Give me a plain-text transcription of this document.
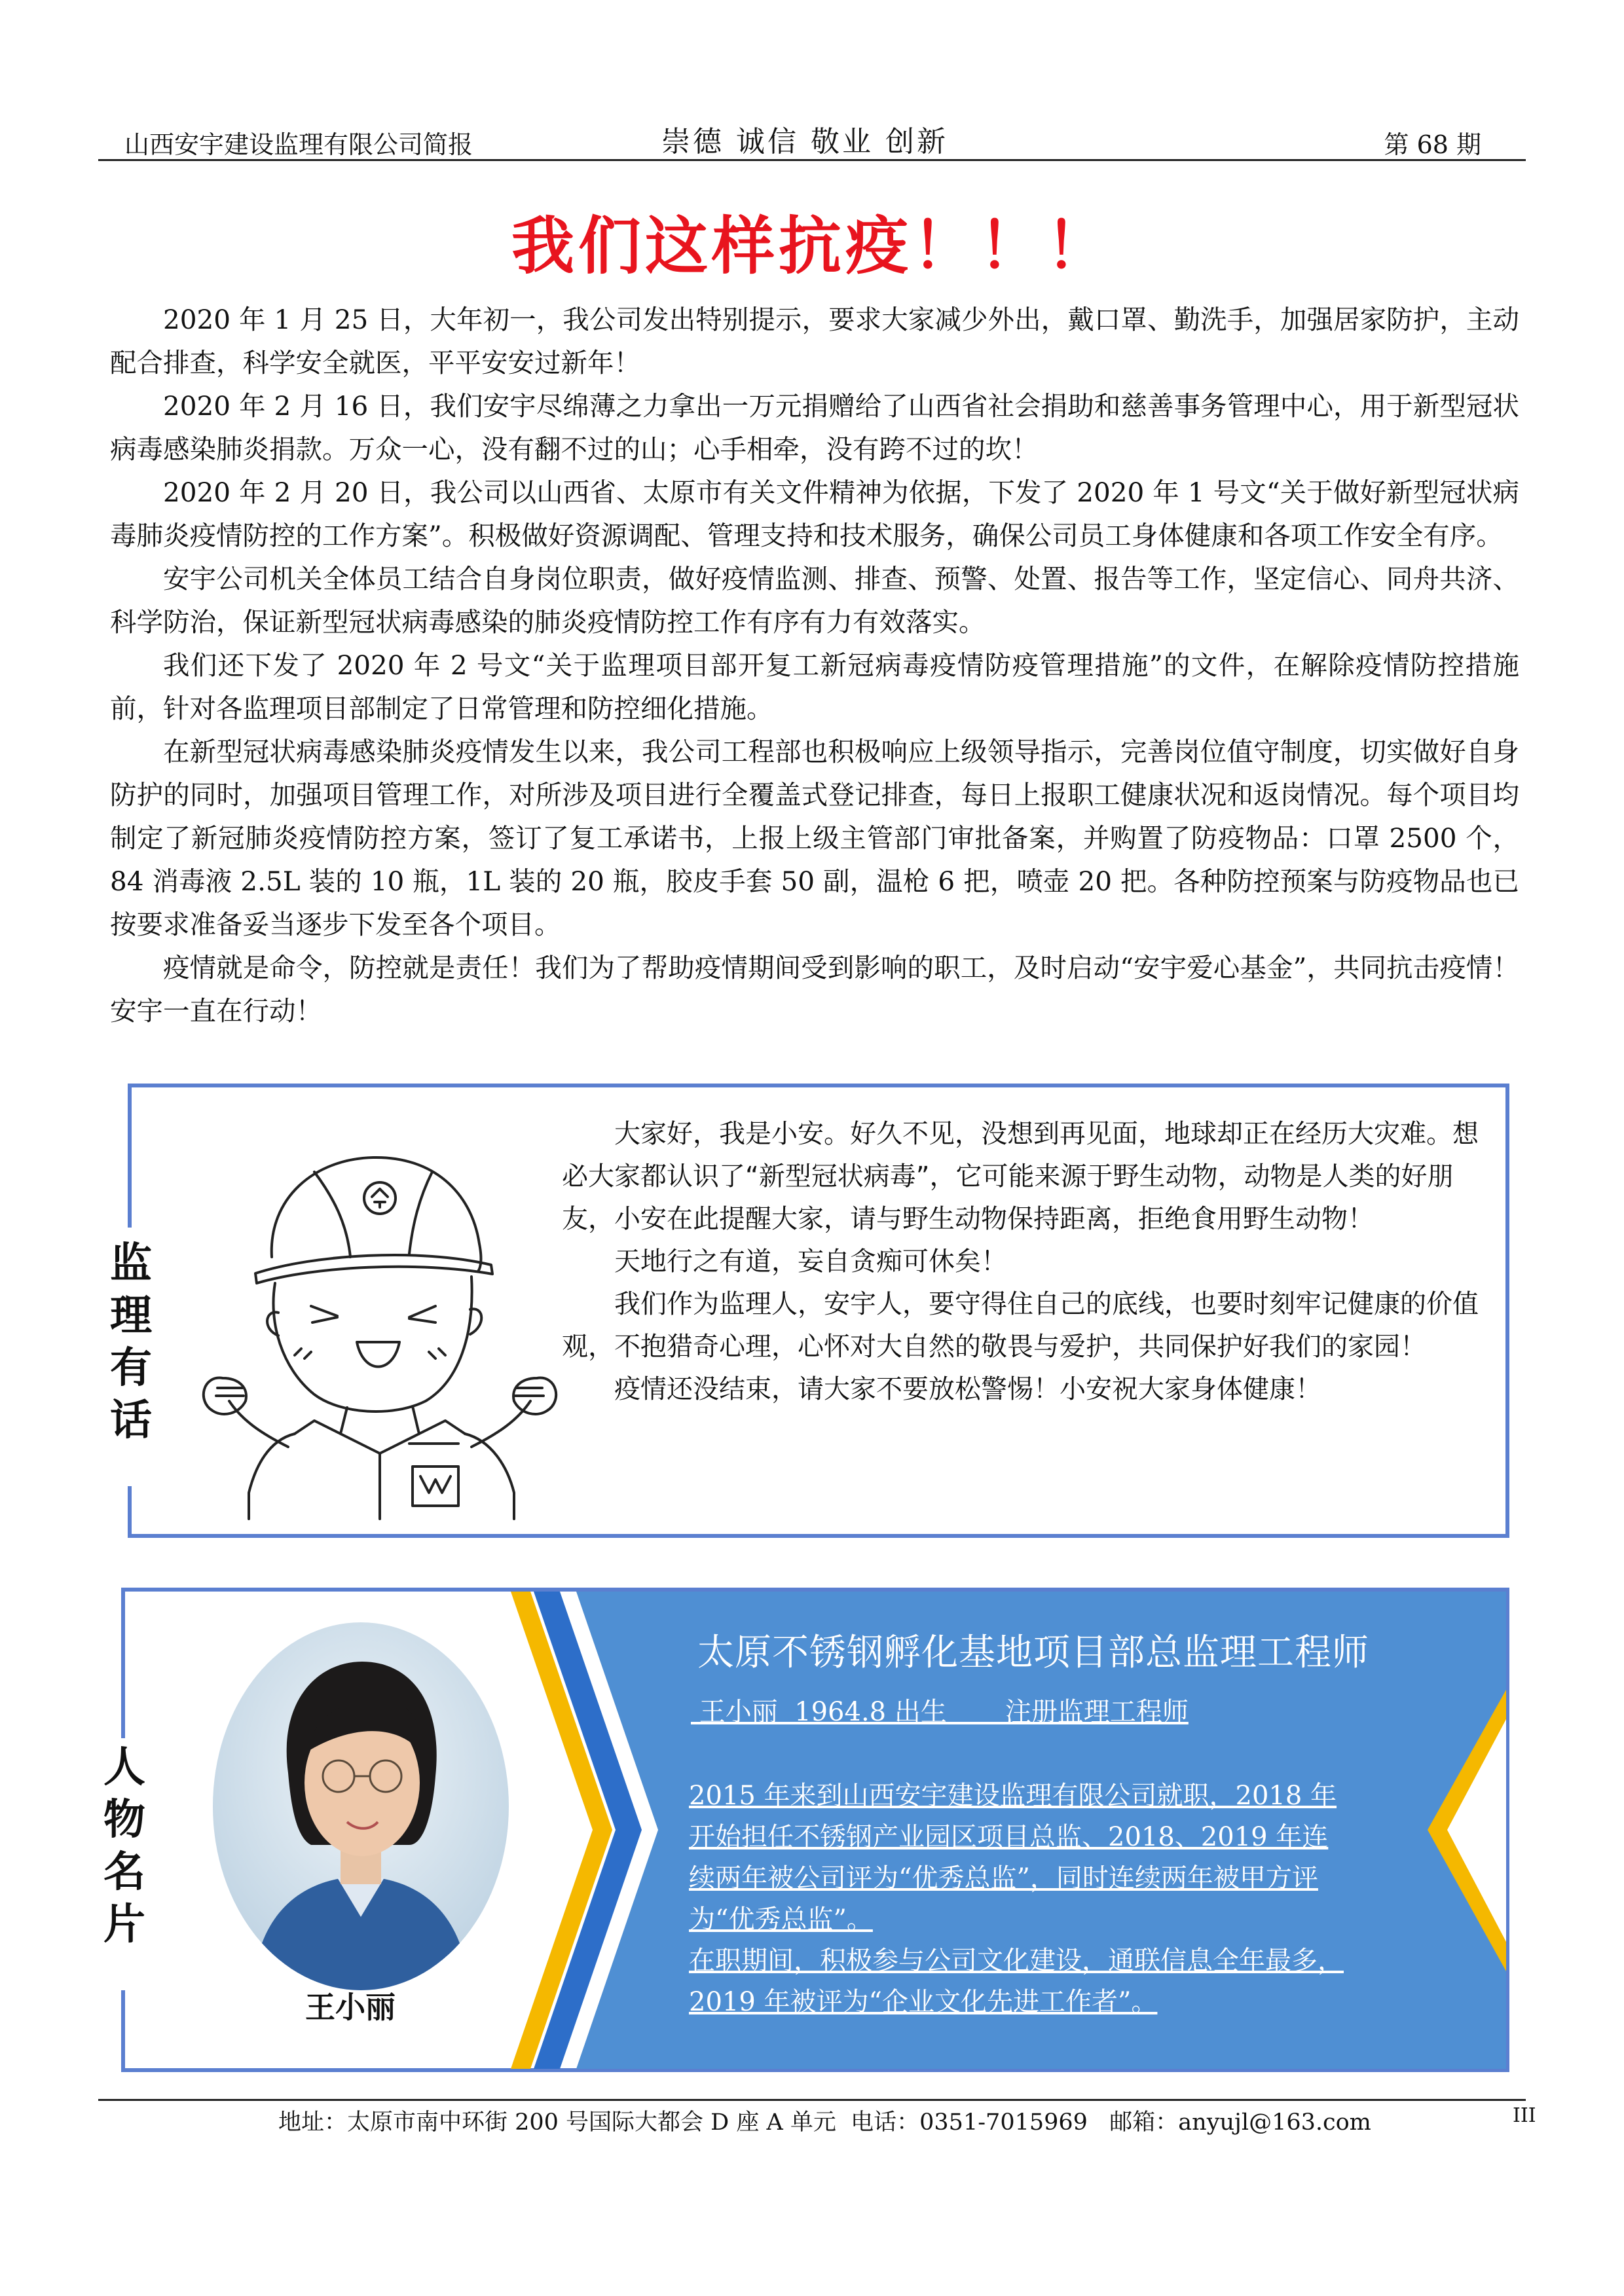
山西安宇建设监理有限公司简报	崇德 诚信 敬业 创新	第 68 期
我们这样抗疫！！！

2020 年 1 月 25 日，大年初一，我公司发出特别提示，要求大家减少外出，戴口罩、勤洗手，加强居家防护，主动配合排查，科学安全就医，平平安安过新年！

2020 年 2 月 16 日，我们安宇尽绵薄之力拿出一万元捐赠给了山西省社会捐助和慈善事务管理中心，用于新型冠状病毒感染肺炎捐款。万众一心，没有翻不过的山；心手相牵，没有跨不过的坎！

2020 年 2 月 20 日，我公司以山西省、太原市有关文件精神为依据，下发了 2020 年 1 号文“关于做好新型冠状病毒肺炎疫情防控的工作方案”。积极做好资源调配、管理支持和技术服务，确保公司员工身体健康和各项工作安全有序。

安宇公司机关全体员工结合自身岗位职责，做好疫情监测、排查、预警、处置、报告等工作，坚定信心、同舟共济、科学防治，保证新型冠状病毒感染的肺炎疫情防控工作有序有力有效落实。

我们还下发了 2020 年 2 号文“关于监理项目部开复工新冠病毒疫情防疫管理措施”的文件，在解除疫情防控措施前，针对各监理项目部制定了日常管理和防控细化措施。

在新型冠状病毒感染肺炎疫情发生以来，我公司工程部也积极响应上级领导指示，完善岗位值守制度，切实做好自身防护的同时，加强项目管理工作，对所涉及项目进行全覆盖式登记排查，每日上报职工健康状况和返岗情况。每个项目均制定了新冠肺炎疫情防控方案，签订了复工承诺书，上报上级主管部门审批备案，并购置了防疫物品：口罩 2500 个，84 消毒液 2.5L 装的 10 瓶，1L 装的 20 瓶，胶皮手套 50 副，温枪 6 把，喷壶 20 把。各种防控预案与防疫物品也已按要求准备妥当逐步下发至各个项目。

疫情就是命令，防控就是责任！我们为了帮助疫情期间受到影响的职工，及时启动“安宇爱心基金”，共同抗击疫情！安宇一直在行动！

监
理
有
话

大家好，我是小安。好久不见，没想到再见面，地球却正在经历大灾难。想必大家都认识了“新型冠状病毒”，它可能来源于野生动物，动物是人类的好朋友，小安在此提醒大家，请与野生动物保持距离，拒绝食用野生动物！

天地行之有道，妄自贪痴可休矣！

我们作为监理人，安宇人，要守得住自己的底线，也要时刻牢记健康的价值观，不抱猎奇心理，心怀对大自然的敬畏与爱护，共同保护好我们的家园！

疫情还没结束，请大家不要放松警惕！小安祝大家身体健康！

人
物
名
片
王小丽
太原不锈钢孵化基地项目部总监理工程师
王小丽  1964.8 出生       注册监理工程师

2015 年来到山西安宇建设监理有限公司就职，2018 年开始担任不锈钢产业园区项目总监、2018、2019 年连续两年被公司评为“优秀总监”，同时连续两年被甲方评为“优秀总监”。

在职期间，积极参与公司文化建设，通联信息全年最多，2019 年被评为“企业文化先进工作者”。

地址：太原市南中环街 200 号国际大都会 D 座 A 单元  电话：0351-7015969   邮箱：anyujl@163.com	III
